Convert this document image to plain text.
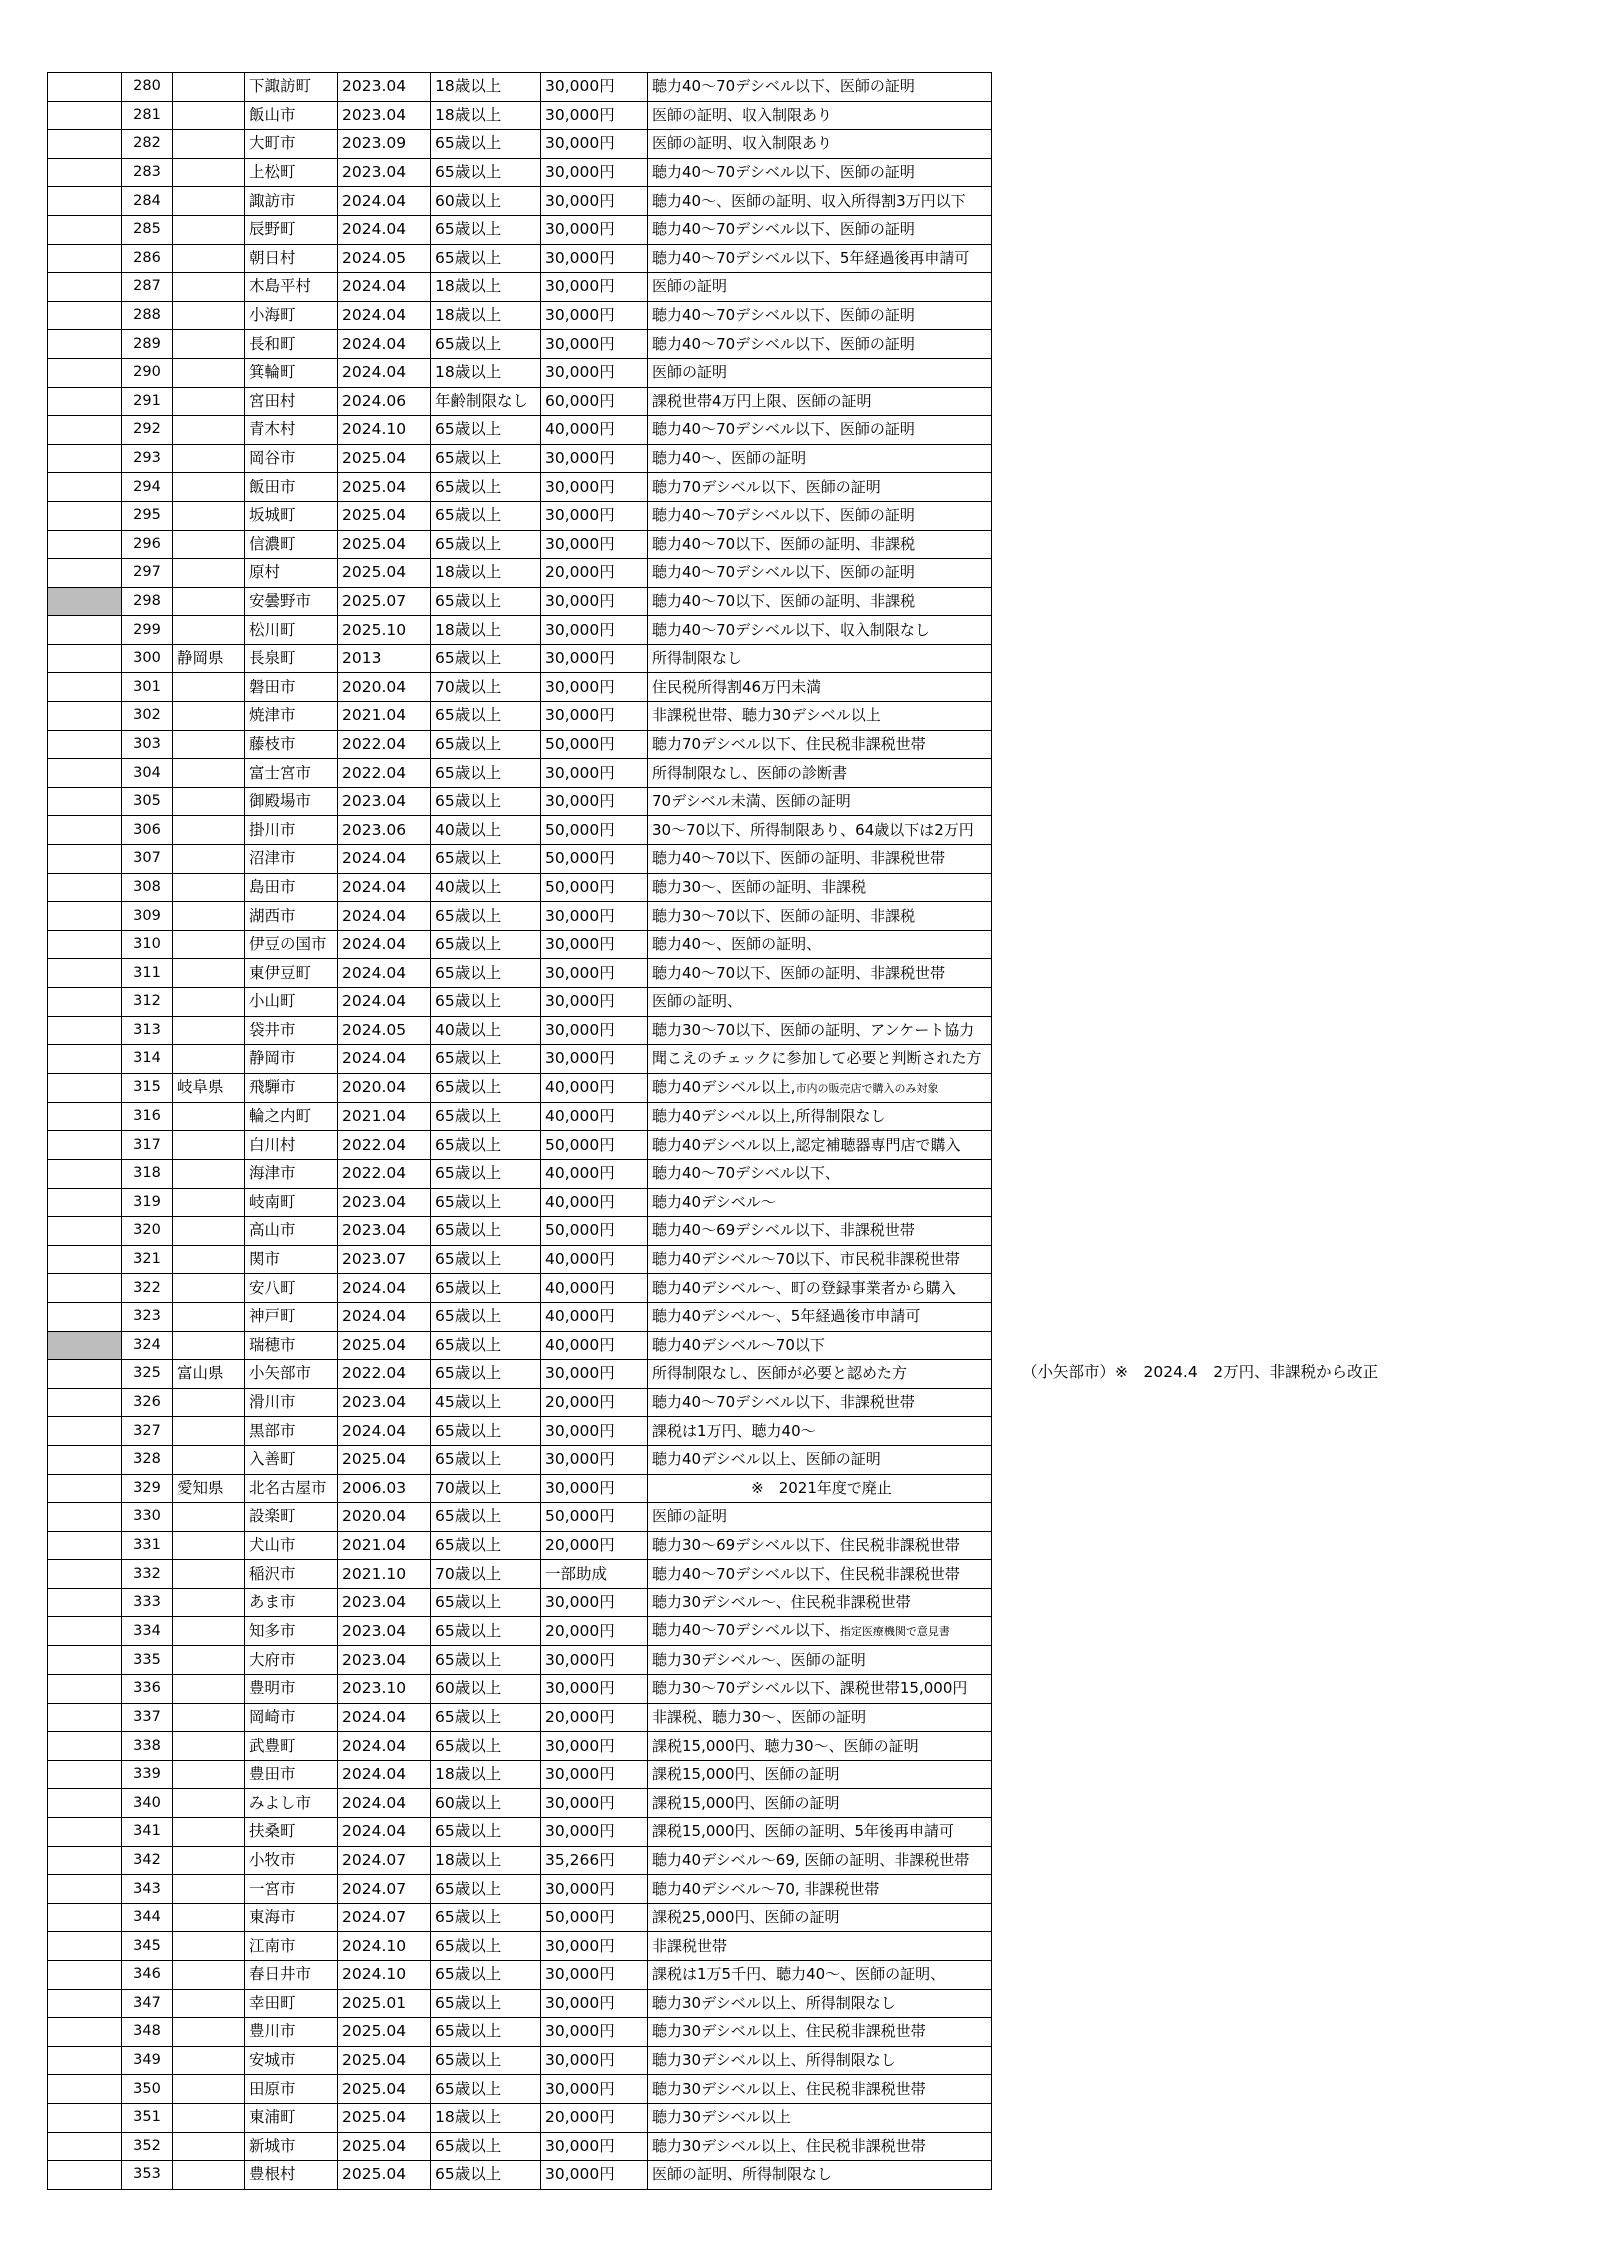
	280		下諏訪町	2023.04	18歳以上	30,000円	聴力40～70デシベル以下、医師の証明
	281		飯山市	2023.04	18歳以上	30,000円	医師の証明、収入制限あり
	282		大町市	2023.09	65歳以上	30,000円	医師の証明、収入制限あり
	283		上松町	2023.04	65歳以上	30,000円	聴力40～70デシベル以下、医師の証明
	284		諏訪市	2024.04	60歳以上	30,000円	聴力40～、医師の証明、収入所得割3万円以下
	285		辰野町	2024.04	65歳以上	30,000円	聴力40～70デシベル以下、医師の証明
	286		朝日村	2024.05	65歳以上	30,000円	聴力40～70デシベル以下、5年経過後再申請可
	287		木島平村	2024.04	18歳以上	30,000円	医師の証明
	288		小海町	2024.04	18歳以上	30,000円	聴力40～70デシベル以下、医師の証明
	289		長和町	2024.04	65歳以上	30,000円	聴力40～70デシベル以下、医師の証明
	290		箕輪町	2024.04	18歳以上	30,000円	医師の証明
	291		宮田村	2024.06	年齢制限なし	60,000円	課税世帯4万円上限、医師の証明
	292		青木村	2024.10	65歳以上	40,000円	聴力40～70デシベル以下、医師の証明
	293		岡谷市	2025.04	65歳以上	30,000円	聴力40～、医師の証明
	294		飯田市	2025.04	65歳以上	30,000円	聴力70デシベル以下、医師の証明
	295		坂城町	2025.04	65歳以上	30,000円	聴力40～70デシベル以下、医師の証明
	296		信濃町	2025.04	65歳以上	30,000円	聴力40～70以下、医師の証明、非課税
	297		原村	2025.04	18歳以上	20,000円	聴力40～70デシベル以下、医師の証明
	298		安曇野市	2025.07	65歳以上	30,000円	聴力40～70以下、医師の証明、非課税
	299		松川町	2025.10	18歳以上	30,000円	聴力40～70デシベル以下、収入制限なし
	300	静岡県	長泉町	2013	65歳以上	30,000円	所得制限なし
	301		磐田市	2020.04	70歳以上	30,000円	住民税所得割46万円未満
	302		焼津市	2021.04	65歳以上	30,000円	非課税世帯、聴力30デシベル以上
	303		藤枝市	2022.04	65歳以上	50,000円	聴力70デシベル以下、住民税非課税世帯
	304		富士宮市	2022.04	65歳以上	30,000円	所得制限なし、医師の診断書
	305		御殿場市	2023.04	65歳以上	30,000円	70デシベル未満、医師の証明
	306		掛川市	2023.06	40歳以上	50,000円	30～70以下、所得制限あり、64歳以下は2万円
	307		沼津市	2024.04	65歳以上	50,000円	聴力40～70以下、医師の証明、非課税世帯
	308		島田市	2024.04	40歳以上	50,000円	聴力30～、医師の証明、非課税
	309		湖西市	2024.04	65歳以上	30,000円	聴力30～70以下、医師の証明、非課税
	310		伊豆の国市	2024.04	65歳以上	30,000円	聴力40～、医師の証明、
	311		東伊豆町	2024.04	65歳以上	30,000円	聴力40～70以下、医師の証明、非課税世帯
	312		小山町	2024.04	65歳以上	30,000円	医師の証明、
	313		袋井市	2024.05	40歳以上	30,000円	聴力30～70以下、医師の証明、アンケート協力
	314		静岡市	2024.04	65歳以上	30,000円	聞こえのチェックに参加して必要と判断された方
	315	岐阜県	飛騨市	2020.04	65歳以上	40,000円	聴力40デシベル以上,市内の販売店で購入のみ対象
	316		輪之内町	2021.04	65歳以上	40,000円	聴力40デシベル以上,所得制限なし
	317		白川村	2022.04	65歳以上	50,000円	聴力40デシベル以上,認定補聴器専門店で購入
	318		海津市	2022.04	65歳以上	40,000円	聴力40～70デシベル以下、
	319		岐南町	2023.04	65歳以上	40,000円	聴力40デシベル～
	320		高山市	2023.04	65歳以上	50,000円	聴力40～69デシベル以下、非課税世帯
	321		関市	2023.07	65歳以上	40,000円	聴力40デシベル～70以下、市民税非課税世帯
	322		安八町	2024.04	65歳以上	40,000円	聴力40デシベル～、町の登録事業者から購入
	323		神戸町	2024.04	65歳以上	40,000円	聴力40デシベル～、5年経過後市申請可
	324		瑞穂市	2025.04	65歳以上	40,000円	聴力40デシベル～70以下
	325	富山県	小矢部市	2022.04	65歳以上	30,000円	所得制限なし、医師が必要と認めた方
	326		滑川市	2023.04	45歳以上	20,000円	聴力40～70デシベル以下、非課税世帯
	327		黒部市	2024.04	65歳以上	30,000円	課税は1万円、聴力40～
	328		入善町	2025.04	65歳以上	30,000円	聴力40デシベル以上、医師の証明
	329	愛知県	北名古屋市	2006.03	70歳以上	30,000円	※　2021年度で廃止
	330		設楽町	2020.04	65歳以上	50,000円	医師の証明
	331		犬山市	2021.04	65歳以上	20,000円	聴力30～69デシベル以下、住民税非課税世帯
	332		稲沢市	2021.10	70歳以上	一部助成	聴力40～70デシベル以下、住民税非課税世帯
	333		あま市	2023.04	65歳以上	30,000円	聴力30デシベル～、住民税非課税世帯
	334		知多市	2023.04	65歳以上	20,000円	聴力40～70デシベル以下、指定医療機関で意見書
	335		大府市	2023.04	65歳以上	30,000円	聴力30デシベル～、医師の証明
	336		豊明市	2023.10	60歳以上	30,000円	聴力30～70デシベル以下、課税世帯15,000円
	337		岡崎市	2024.04	65歳以上	20,000円	非課税、聴力30～、医師の証明
	338		武豊町	2024.04	65歳以上	30,000円	課税15,000円、聴力30～、医師の証明
	339		豊田市	2024.04	18歳以上	30,000円	課税15,000円、医師の証明
	340		みよし市	2024.04	60歳以上	30,000円	課税15,000円、医師の証明
	341		扶桑町	2024.04	65歳以上	30,000円	課税15,000円、医師の証明、5年後再申請可
	342		小牧市	2024.07	18歳以上	35,266円	聴力40デシベル～69, 医師の証明、非課税世帯
	343		一宮市	2024.07	65歳以上	30,000円	聴力40デシベル～70, 非課税世帯
	344		東海市	2024.07	65歳以上	50,000円	課税25,000円、医師の証明
	345		江南市	2024.10	65歳以上	30,000円	非課税世帯
	346		春日井市	2024.10	65歳以上	30,000円	課税は1万5千円、聴力40～、医師の証明、
	347		幸田町	2025.01	65歳以上	30,000円	聴力30デシベル以上、所得制限なし
	348		豊川市	2025.04	65歳以上	30,000円	聴力30デシベル以上、住民税非課税世帯
	349		安城市	2025.04	65歳以上	30,000円	聴力30デシベル以上、所得制限なし
	350		田原市	2025.04	65歳以上	30,000円	聴力30デシベル以上、住民税非課税世帯
	351		東浦町	2025.04	18歳以上	20,000円	聴力30デシベル以上
	352		新城市	2025.04	65歳以上	30,000円	聴力30デシベル以上、住民税非課税世帯
	353		豊根村	2025.04	65歳以上	30,000円	医師の証明、所得制限なし
（小矢部市）※　2024.4　2万円、非課税から改正
